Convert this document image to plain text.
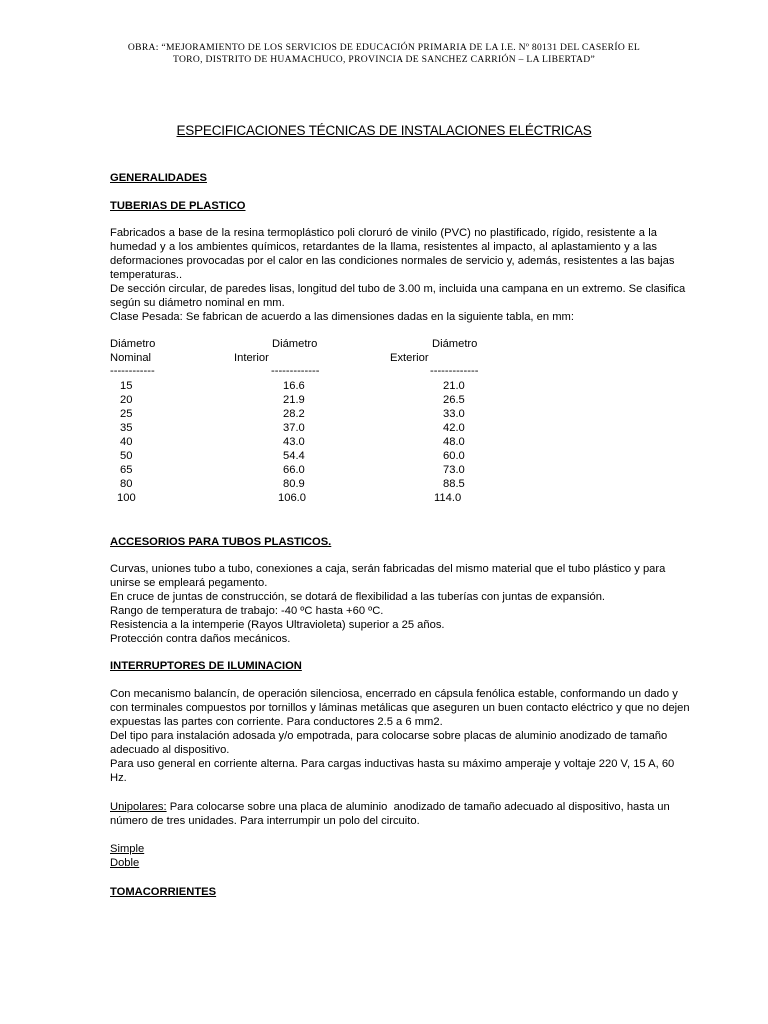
OBRA: “MEJORAMIENTO DE LOS SERVICIOS DE EDUCACIÓN PRIMARIA DE LA I.E. Nº 80131 DEL CASERÍO EL
TORO, DISTRITO DE HUAMACHUCO, PROVINCIA DE SANCHEZ CARRIÓN – LA LIBERTAD”
ESPECIFICACIONES TÉCNICAS DE INSTALACIONES ELÉCTRICAS
GENERALIDADES
TUBERIAS DE PLASTICO
Fabricados a base de la resina termoplástico poli cloruró de vinilo (PVC) no plastificado, rígido, resistente a la
humedad y a los ambientes químicos, retardantes de la llama, resistentes al impacto, al aplastamiento y a las
deformaciones provocadas por el calor en las condiciones normales de servicio y, además, resistentes a las bajas
temperaturas..
De sección circular, de paredes lisas, longitud del tubo de 3.00 m, incluida una campana en un extremo. Se clasifica
según su diámetro nominal en mm.
Clase Pesada: Se fabrican de acuerdo a las dimensiones dadas en la siguiente tabla, en mm:
Diámetro	Diámetro	Diámetro
Nominal	Interior	Exterior
------------	-------------	-------------
15	16.6	21.0
20	21.9	26.5
25	28.2	33.0
35	37.0	42.0
40	43.0	48.0
50	54.4	60.0
65	66.0	73.0
80	80.9	88.5
100	106.0	114.0
ACCESORIOS PARA TUBOS PLASTICOS.
Curvas, uniones tubo a tubo, conexiones a caja, serán fabricadas del mismo material que el tubo plástico y para
unirse se empleará pegamento.
En cruce de juntas de construcción, se dotará de flexibilidad a las tuberías con juntas de expansión.
Rango de temperatura de trabajo: -40 ºC hasta +60 ºC.
Resistencia a la intemperie (Rayos Ultravioleta) superior a 25 años.
Protección contra daños mecánicos.
INTERRUPTORES DE ILUMINACION
Con mecanismo balancín, de operación silenciosa, encerrado en cápsula fenólica estable, conformando un dado y
con terminales compuestos por tornillos y láminas metálicas que aseguren un buen contacto eléctrico y que no dejen
expuestas las partes con corriente. Para conductores 2.5 a 6 mm2.
Del tipo para instalación adosada y/o empotrada, para colocarse sobre placas de aluminio anodizado de tamaño
adecuado al dispositivo.
Para uso general en corriente alterna. Para cargas inductivas hasta su máximo amperaje y voltaje 220 V, 15 A, 60
Hz.
Unipolares: Para colocarse sobre una placa de aluminio  anodizado de tamaño adecuado al dispositivo, hasta un
número de tres unidades. Para interrumpir un polo del circuito.
Simple
Doble
TOMACORRIENTES
